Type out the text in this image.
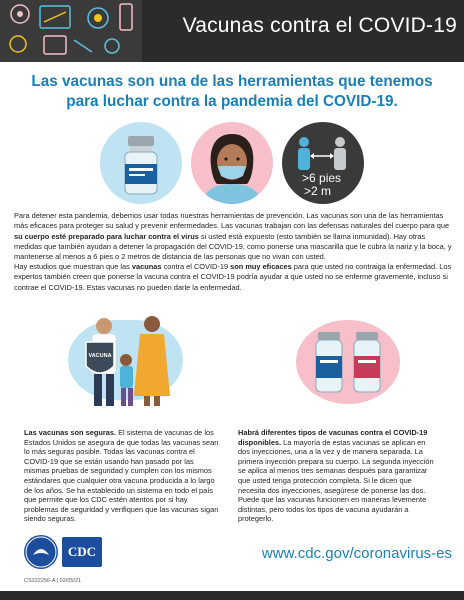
Vacunas contra el COVID-19
Las vacunas son una de las herramientas que tenemos para luchar contra la pandemia del COVID-19.
>6 pies
>2 m
Para detener esta pandemia, debemos usar todas nuestras herramientas de prevención. Las vacunas son una de las herramientas más eficaces para proteger su salud y prevenir enfermedades. Las vacunas trabajan con las defensas naturales del cuerpo para que su cuerpo esté preparado para luchar contra el virus si usted está expuesto (esto también se llama inmunidad). Hay otras medidas que también ayudan a detener la propagación del COVID-19, como ponerse una mascarilla que le cubra la nariz y la boca, y mantenerse al menos a 6 pies o 2 metros de distancia de las personas que no vivan con usted.
Hay estudios que muestran que las vacunas contra el COVID-19 son muy eficaces para que usted no contraiga la enfermedad. Los expertos también creen que ponerse la vacuna contra el COVID-19 podría ayudar a que usted no se enferme gravemente, incluso si contrae el COVID-19. Estas vacunas no pueden darle la enfermedad.
VACUNA
Las vacunas son seguras. El sistema de vacunas de los Estados Unidos se asegura de que todas las vacunas sean lo más seguras posible. Todas las vacunas contra el COVID-19 que se están usando han pasado por las mismas pruebas de seguridad y cumplen con los mismos estándares que cualquier otra vacuna producida a lo largo de los años. Se ha establecido un sistema en todo el país que permite que los CDC estén atentos por si hay problemas de seguridad y verifiquen que las vacunas sigan siendo seguras.
Habrá diferentes tipos de vacunas contra el COVID-19 disponibles. La mayoría de estas vacunas se aplican en dos inyecciones, una a la vez y de manera separada. La primera inyección prepara su cuerpo. La segunda inyección se aplica al menos tres semanas después para garantizar que usted tenga protección completa. Si le dicen que necesita dos inyecciones, asegúrese de ponerse las dos. Puede que las vacunas funcionen en maneras levemente distintas, pero todos los tipos de vacuna ayudarán a protegerlo.
CDC	www.cdc.gov/coronavirus-es
CS322256-A | 02/05/21
